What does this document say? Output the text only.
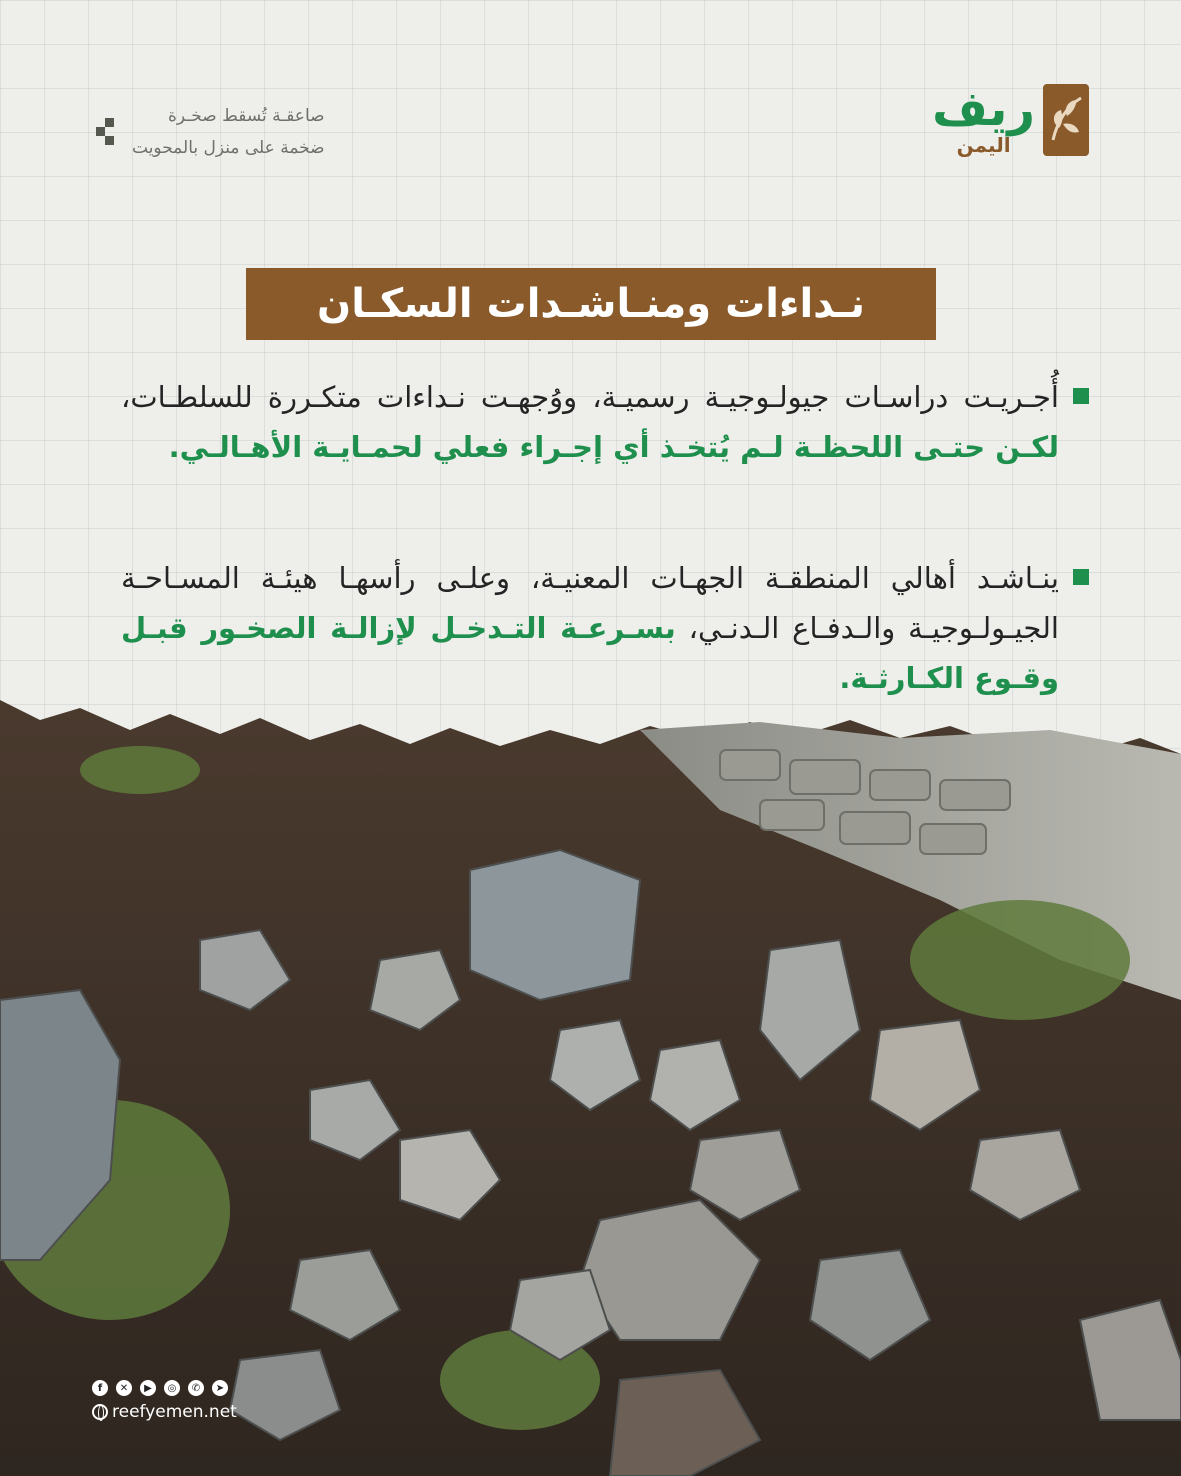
ريف
اليمن
صاعقـة تُسقط صخـرة
ضخمة على منزل بالمحويت
نـداءات ومنـاشـدات السكـان
أُجـريـت دراسـات جيولـوجيـة رسميـة، ووُجهـت نـداءات متكـررة للسلطـات، لكـن حتـى اللحظـة لـم يُتخـذ أي إجـراء فعلي لحمـايـة الأهـالـي.
ينـاشـد أهالي المنطقـة الجهـات المعنيـة، وعلـى رأسهـا هيئـة المسـاحـة الجيـولـوجيـة والـدفـاع الـدنـي، بسـرعـة التـدخـل لإزالـة الصخـور قبـل وقـوع الكـارثـة.
f	✕	▶	◎	✆	➤
reefyemen.net
